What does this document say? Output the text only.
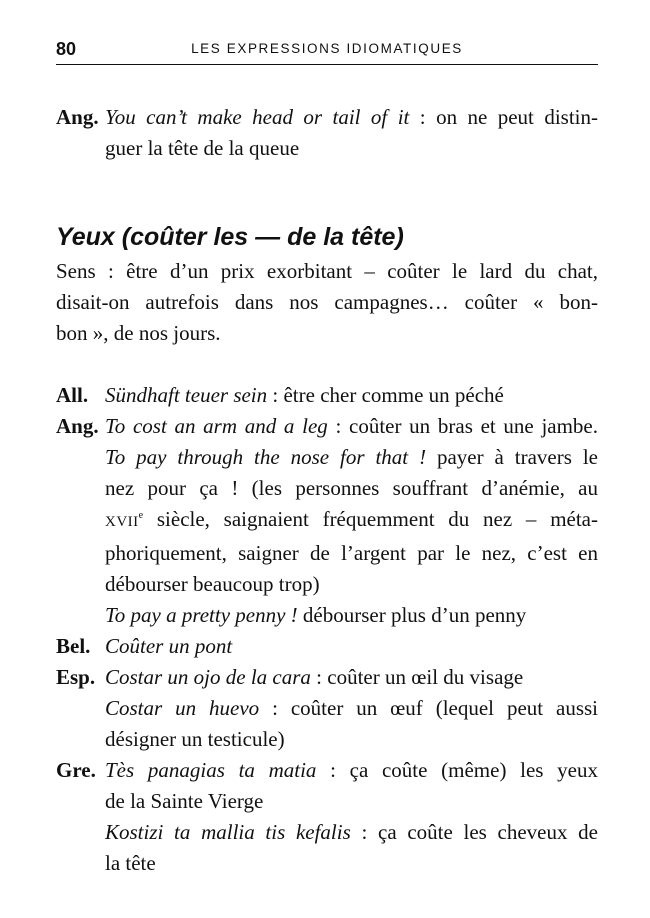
80	LES EXPRESSIONS IDIOMATIQUES
Ang. You can’t make head or tail of it : on ne peut distin-
guer la tête de la queue
Yeux (coûter les — de la tête)
Sens : être d’un prix exorbitant – coûter le lard du chat,
disait-on autrefois dans nos campagnes… coûter « bon-
bon », de nos jours.
All. Sündhaft teuer sein : être cher comme un péché
Ang. To cost an arm and a leg : coûter un bras et une jambe.
To pay through the nose for that ! payer à travers le
nez pour ça ! (les personnes souffrant d’anémie, au
XVIIe siècle, saignaient fréquemment du nez – méta-
phoriquement, saigner de l’argent par le nez, c’est en
débourser beaucoup trop)
To pay a pretty penny ! débourser plus d’un penny
Bel. Coûter un pont
Esp. Costar un ojo de la cara : coûter un œil du visage
Costar un huevo : coûter un œuf (lequel peut aussi
désigner un testicule)
Gre. Tès panagias ta matia : ça coûte (même) les yeux
de la Sainte Vierge
Kostizi ta mallia tis kefalis : ça coûte les cheveux de
la tête
